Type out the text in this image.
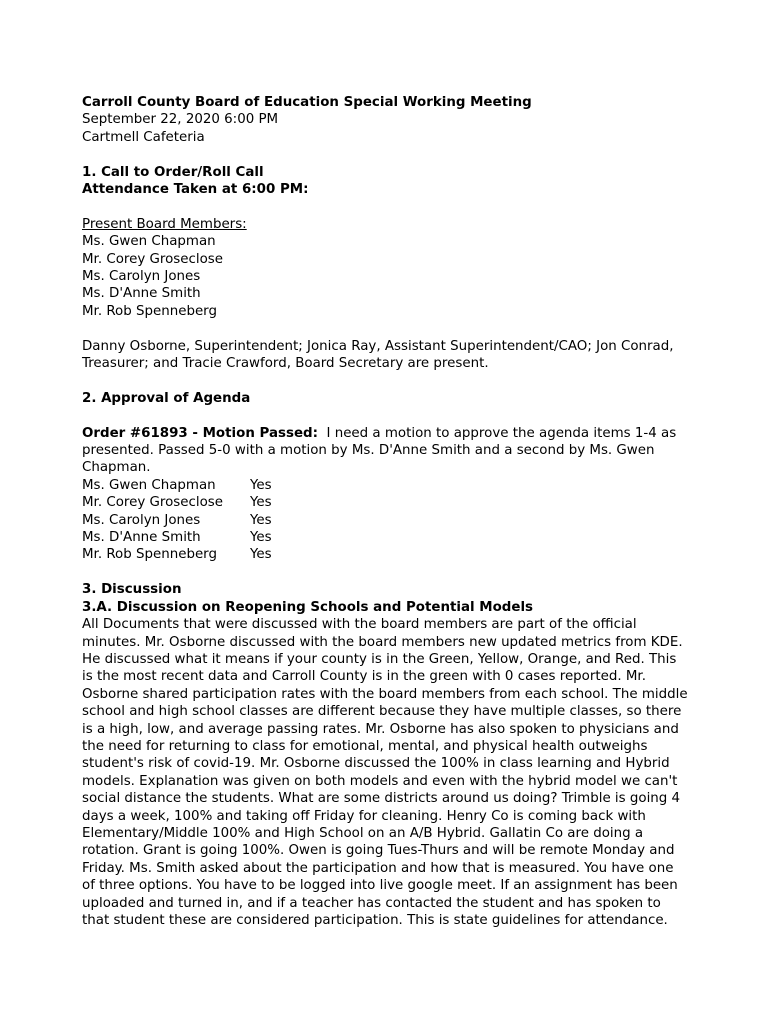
Carroll County Board of Education Special Working Meeting
September 22, 2020 6:00 PM
Cartmell Cafeteria
1. Call to Order/Roll Call
Attendance Taken at 6:00 PM:
Present Board Members:
Ms. Gwen Chapman
Mr. Corey Groseclose
Ms. Carolyn Jones
Ms. D'Anne Smith
Mr. Rob Spenneberg
Danny Osborne, Superintendent; Jonica Ray, Assistant Superintendent/CAO; Jon Conrad, Treasurer; and Tracie Crawford, Board Secretary are present.
2. Approval of Agenda
Order #61893 - Motion Passed: I need a motion to approve the agenda items 1-4 as presented. Passed 5-0 with a motion by Ms. D'Anne Smith and a second by Ms. Gwen Chapman.
Ms. Gwen Chapman	Yes
Mr. Corey Groseclose	Yes
Ms. Carolyn Jones	Yes
Ms. D'Anne Smith	Yes
Mr. Rob Spenneberg	Yes
3. Discussion
3.A. Discussion on Reopening Schools and Potential Models
All Documents that were discussed with the board members are part of the official minutes. Mr. Osborne discussed with the board members new updated metrics from KDE. He discussed what it means if your county is in the Green, Yellow, Orange, and Red. This is the most recent data and Carroll County is in the green with 0 cases reported. Mr. Osborne shared participation rates with the board members from each school. The middle school and high school classes are different because they have multiple classes, so there is a high, low, and average passing rates. Mr. Osborne has also spoken to physicians and the need for returning to class for emotional, mental, and physical health outweighs student's risk of covid-19. Mr. Osborne discussed the 100% in class learning and Hybrid models. Explanation was given on both models and even with the hybrid model we can't social distance the students. What are some districts around us doing? Trimble is going 4 days a week, 100% and taking off Friday for cleaning. Henry Co is coming back with Elementary/Middle 100% and High School on an A/B Hybrid. Gallatin Co are doing a rotation. Grant is going 100%. Owen is going Tues-Thurs and will be remote Monday and Friday. Ms. Smith asked about the participation and how that is measured. You have one of three options. You have to be logged into live google meet. If an assignment has been uploaded and turned in, and if a teacher has contacted the student and has spoken to that student these are considered participation. This is state guidelines for attendance.
